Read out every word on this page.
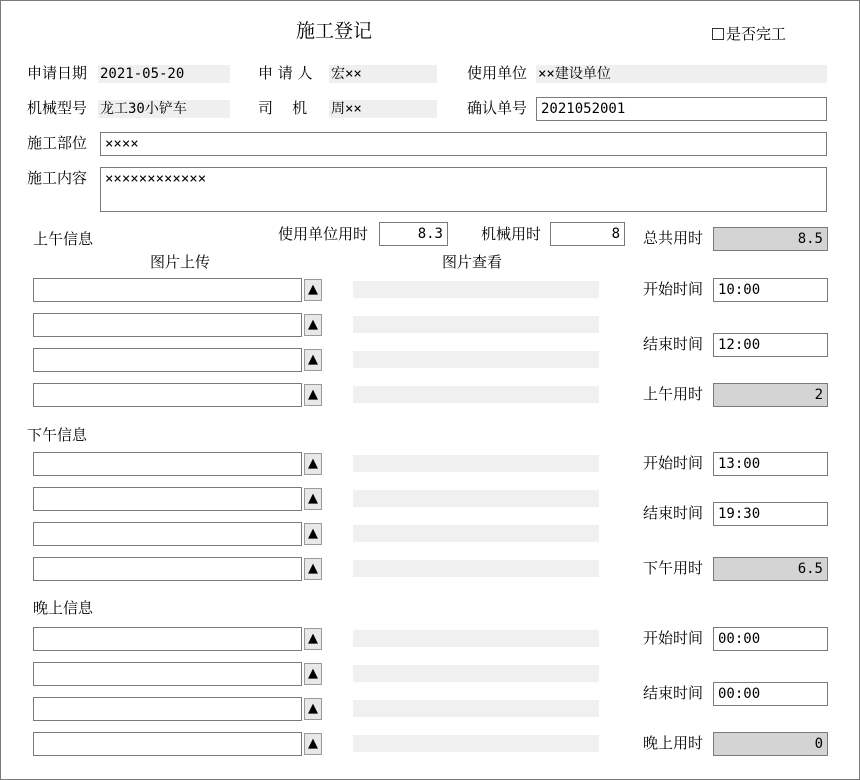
施工登记	是否完工
申请日期 2021-05-20	申 请 人 宏××	使用单位 ××建设单位
机械型号 龙工30小铲车	司    机 周××	确认单号 2021052001
施工部位	××××
施工内容	××××××××××××
使用单位用时	8.3	机械用时	8	总共用时	8.5
上午信息
图片上传	图片查看
▲
▲
▲
▲
开始时间	10:00
结束时间	12:00
上午用时	2
下午信息
▲
▲
▲
▲
开始时间	13:00
结束时间	19:30
下午用时	6.5
晚上信息
▲
▲
▲
▲
开始时间	00:00
结束时间	00:00
晚上用时	0
